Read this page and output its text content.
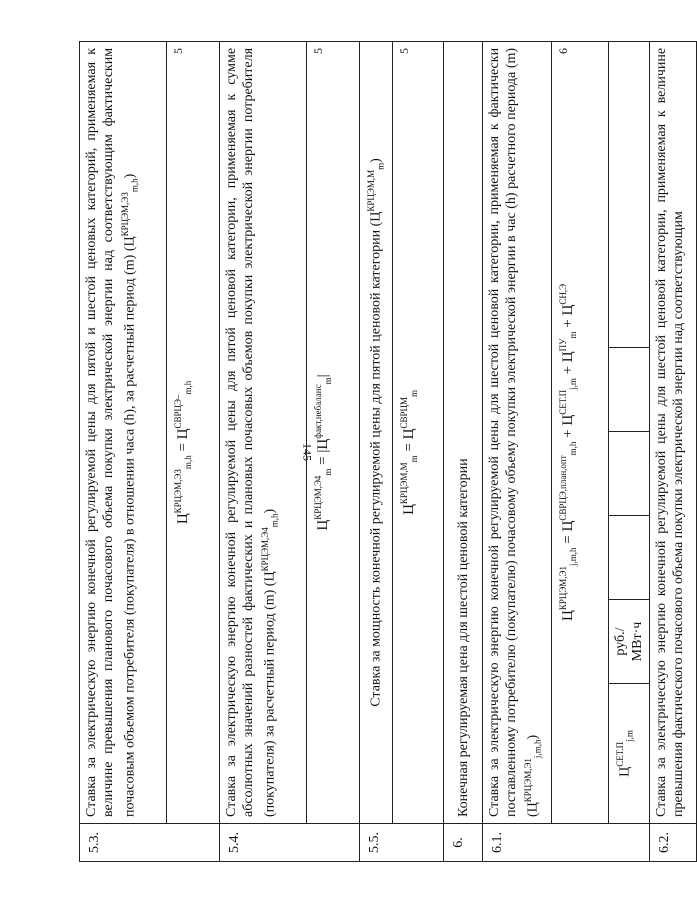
145
5.3.	Ставка за электрическую энергию конечной регулируемой цены для пятой и шестой ценовых категорий, применяемая к величине превышения планового почасового объема покупки электрической энергии над соответствующим фактическим почасовым объемом потребителя (покупателя) в отношении часа (h), за расчетный период (m) $(Ц^{КРЦЭМ,ЭЗ}_{m,h})$					

	$Ц^{КРЦЭМ,ЭЗ}_{m,h} = Ц^{СВРЦЭ-}_{m,h}$
5					

5.4.	Ставка за электрическую энергию конечной регулируемой цены для пятой ценовой категории, применяемая к сумме абсолютных значений разностей фактических и плановых почасовых объемов покупки электрической энергии потребителя (покупателя) за расчетный период (m) $(Ц^{КРЦЭМ,Э4}_{m,h})$					

	$Ц^{КРЦЭМ,Э4}_m = |Ц^{факт,небаланс}_m|$
5					

5.5.	Ставка за мощность конечной регулируемой цены для пятой ценовой категории $(Ц^{КРЦЭМ,М}_m)$					

	$Ц^{КРЦЭМ,М}_m = Ц^{СВРЦМ}_m$
5					

6.	Конечная регулируемая цена для шестой ценовой категории					
6.1.	Ставка за электрическую энергию конечной регулируемой цены для шестой ценовой категории, применяемая к фактически поставленному потребителю (покупателю) почасовому объему покупки электрической энергии в час (h) расчетного периода (m) $(Ц^{КРЦЭМ,Э1}_{j,m,h})$					

	$Ц^{КРЦЭМ,Э1}_{j,m,h} = Ц^{СВРЦЭ,план,опт}_{m,h} + Ц^{СЕТ.П}_{j,m} + Ц^{ПУ}_m + Ц^{СН,Э}$
6					

	$Ц^{СЕТ.П}_{j,m}$	руб./ МВт·ч				
6.2.	Ставка за электрическую энергию конечной регулируемой цены для шестой ценовой категории, применяемая к величине превышения фактического почасового объема покупки электрической энергии над соответствующим					
